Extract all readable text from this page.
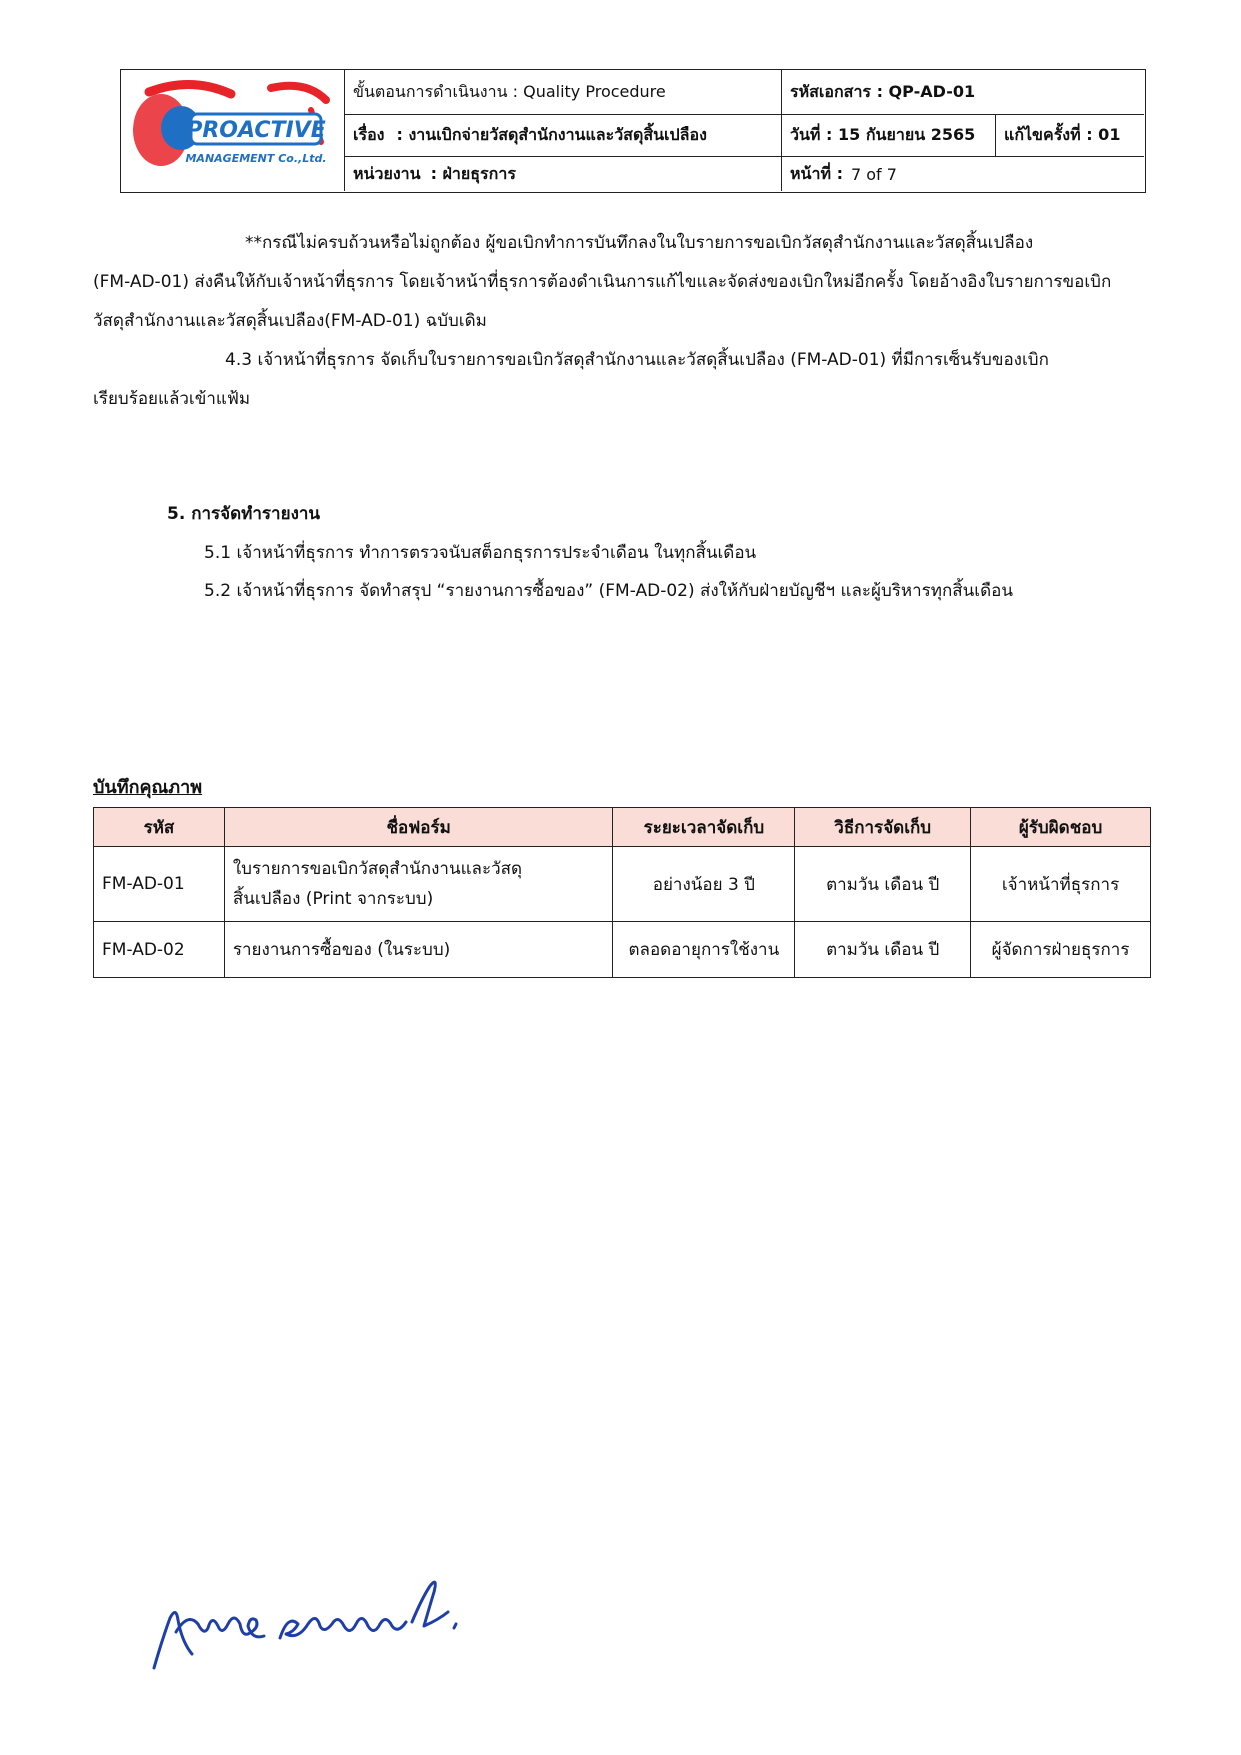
PROACTIVE
MANAGEMENT Co.,Ltd.
ขั้นตอนการดำเนินงาน : Quality Procedure	รหัสเอกสาร : QP-AD-01
เรื่อง : งานเบิกจ่ายวัสดุสำนักงานและวัสดุสิ้นเปลือง	วันที่ : 15 กันยายน 2565 แก้ไขครั้งที่ : 01
หน่วยงาน : ฝ่ายธุรการ	หน้าที่ : 7 of 7
**กรณีไม่ครบถ้วนหรือไม่ถูกต้อง ผู้ขอเบิกทำการบันทึกลงในใบรายการขอเบิกวัสดุสำนักงานและวัสดุสิ้นเปลือง
(FM-AD-01) ส่งคืนให้กับเจ้าหน้าที่ธุรการ โดยเจ้าหน้าที่ธุรการต้องดำเนินการแก้ไขและจัดส่งของเบิกใหม่อีกครั้ง โดยอ้างอิงใบรายการขอเบิก
วัสดุสำนักงานและวัสดุสิ้นเปลือง(FM-AD-01) ฉบับเดิม
4.3 เจ้าหน้าที่ธุรการ จัดเก็บใบรายการขอเบิกวัสดุสำนักงานและวัสดุสิ้นเปลือง (FM-AD-01) ที่มีการเซ็นรับของเบิก
เรียบร้อยแล้วเข้าแฟ้ม
5. การจัดทำรายงาน
5.1 เจ้าหน้าที่ธุรการ ทำการตรวจนับสต็อกธุรการประจำเดือน ในทุกสิ้นเดือน
5.2 เจ้าหน้าที่ธุรการ จัดทำสรุป “รายงานการซื้อของ” (FM-AD-02) ส่งให้กับฝ่ายบัญชีฯ และผู้บริหารทุกสิ้นเดือน
บันทึกคุณภาพ
รหัส	ชื่อฟอร์ม	ระยะเวลาจัดเก็บ	วิธีการจัดเก็บ	ผู้รับผิดชอบ
FM-AD-01	ใบรายการขอเบิกวัสดุสำนักงานและวัสดุ
สิ้นเปลือง (Print จากระบบ)	อย่างน้อย 3 ปี	ตามวัน เดือน ปี	เจ้าหน้าที่ธุรการ
FM-AD-02	รายงานการซื้อของ (ในระบบ)	ตลอดอายุการใช้งาน	ตามวัน เดือน ปี	ผู้จัดการฝ่ายธุรการ
